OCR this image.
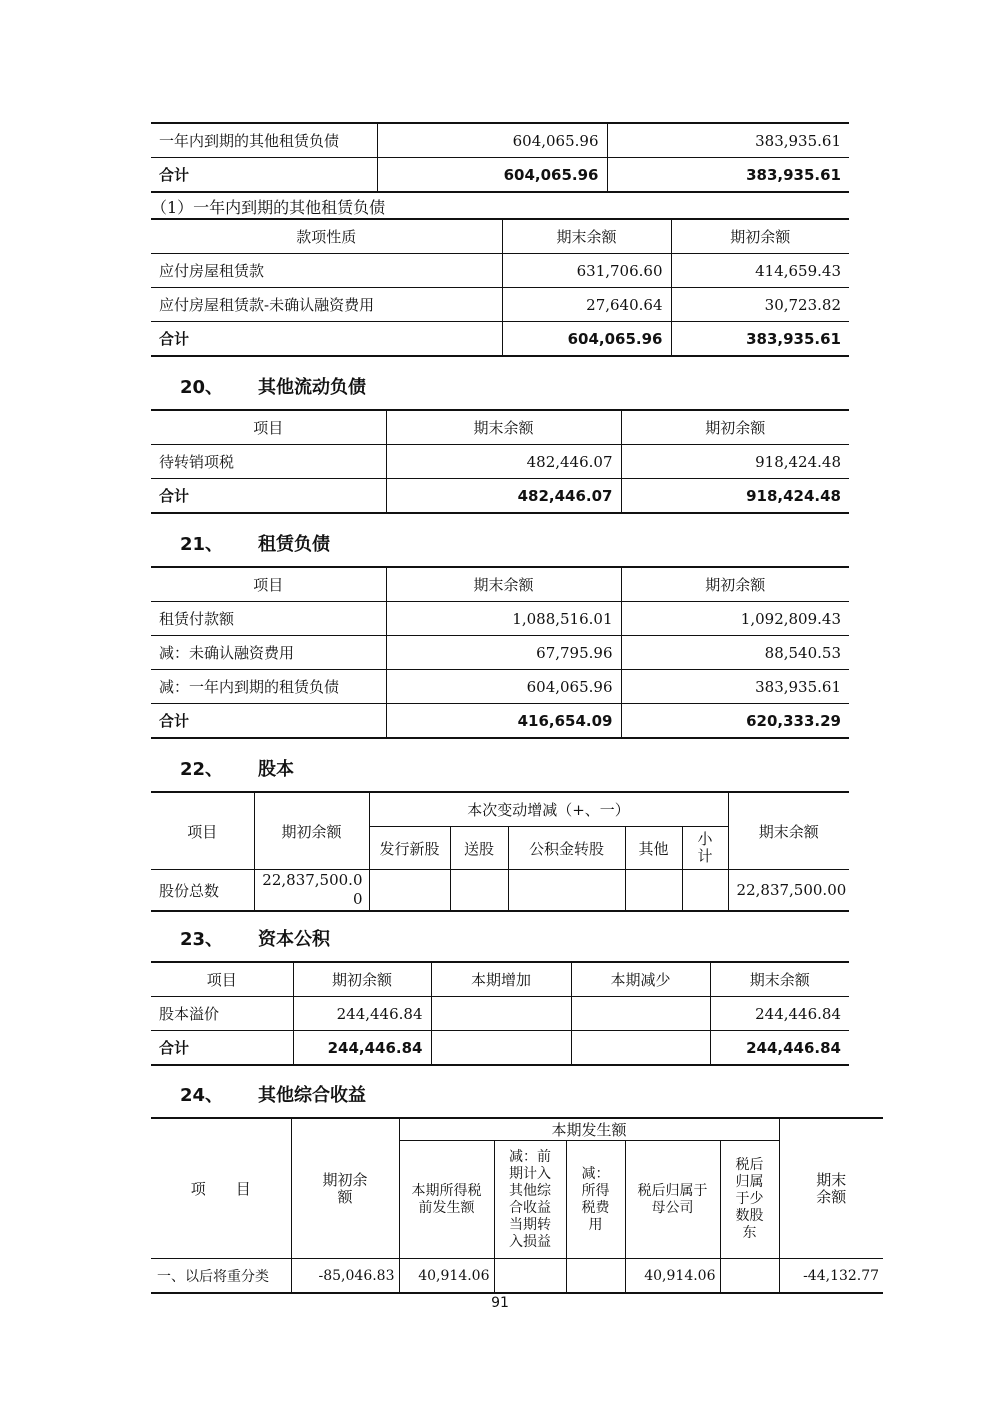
一年内到期的其他租赁负债	604,065.96	383,935.61
合计	604,065.96	383,935.61
（1）一年内到期的其他租赁负债
款项性质	期末余额	期初余额
应付房屋租赁款	631,706.60	414,659.43
应付房屋租赁款-未确认融资费用	27,640.64	30,723.82
合计	604,065.96	383,935.61
20、 其他流动负债
项目	期末余额	期初余额
待转销项税	482,446.07	918,424.48
合计	482,446.07	918,424.48
21、 租赁负债
项目	期末余额	期初余额
租赁付款额	1,088,516.01	1,092,809.43
减：未确认融资费用	67,795.96	88,540.53
减：一年内到期的租赁负债	604,065.96	383,935.61
合计	416,654.09	620,333.29
22、 股本
项目	期初余额	本次变动增减（+、一）					期末余额
		发行新股	送股	公积金转股	其他	小计	
股份总数	22,837,500.00						22,837,500.00
23、 资本公积
项目	期初余额	本期增加	本期减少	期末余额
股本溢价	244,446.84			244,446.84
合计	244,446.84			244,446.84
24、 其他综合收益
项　　目	期初余额	本期发生额					期末余额
		本期所得税前发生额	减：前期计入其他综合收益当期转入损益	减：所得税费用	税后归属于母公司	税后归属于少数股东	
一、以后将重分类	-85,046.83	40,914.06			40,914.06		-44,132.77
91
